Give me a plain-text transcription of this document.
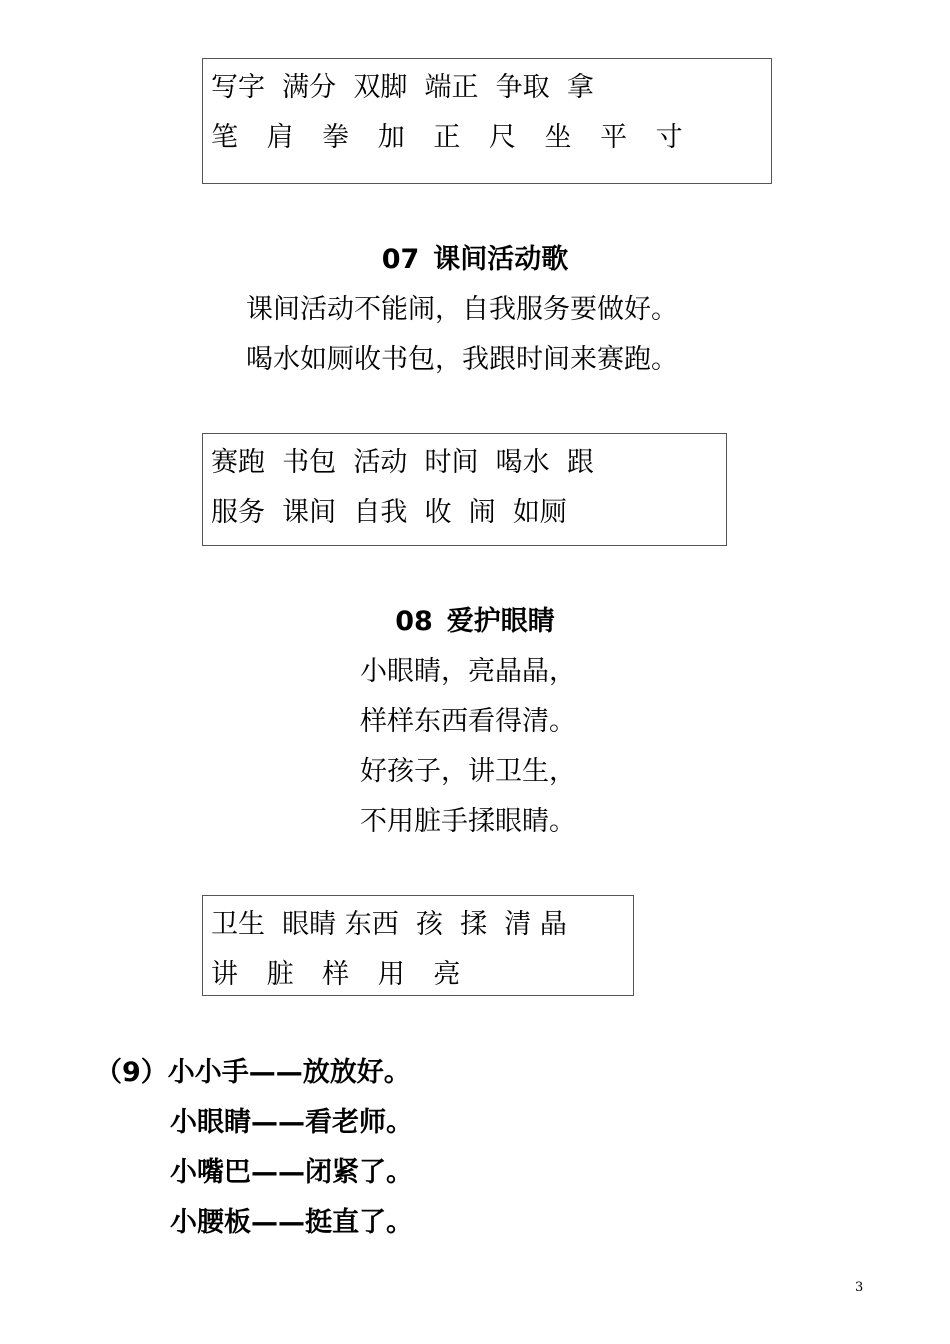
写字  满分  双脚  端正  争取  拿
笔 肩 拳 加 正 尺 坐 平 寸
07 课间活动歌
课间活动不能闹，自我服务要做好。
喝水如厕收书包，我跟时间来赛跑。
赛跑  书包  活动  时间  喝水  跟
服务  课间  自我  收  闹  如厕
08 爱护眼睛
小眼睛，亮晶晶，
样样东西看得清。
好孩子，讲卫生，
不用脏手揉眼睛。
卫生  眼睛 东西  孩  揉  清 晶
讲 脏 样 用 亮
（9）小小手——放放好。
小眼睛——看老师。
小嘴巴——闭紧了。
小腰板——挺直了。
3
